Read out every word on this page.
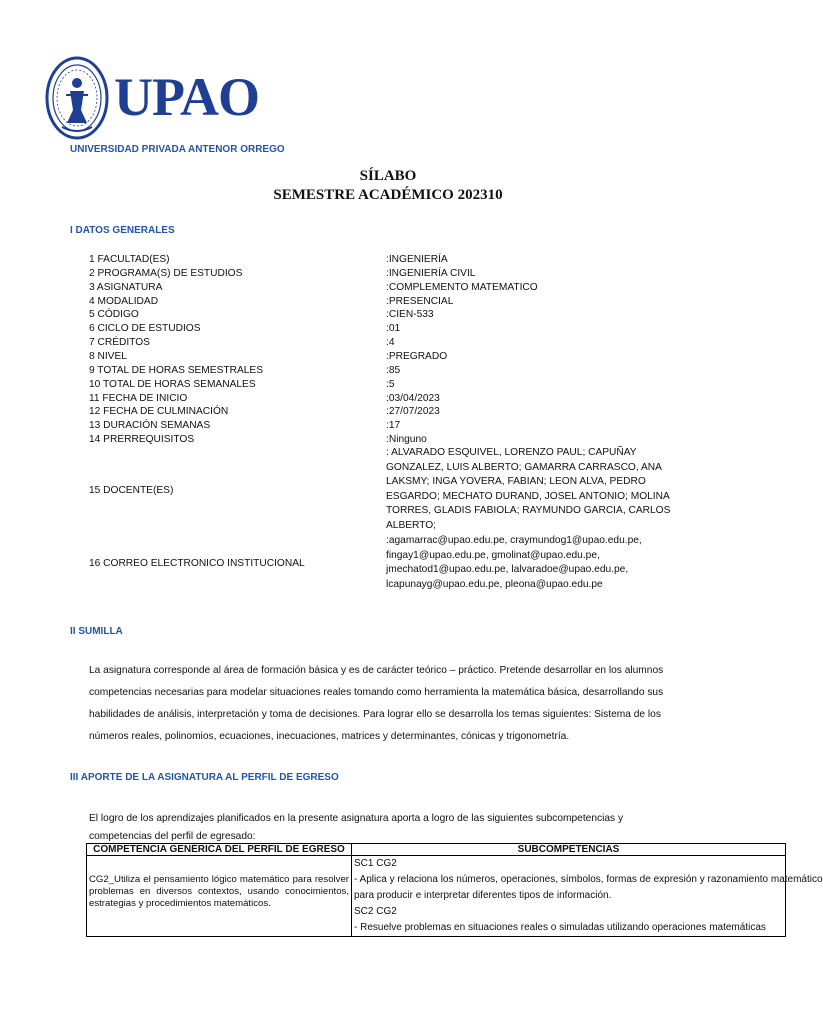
UPAO
UNIVERSIDAD PRIVADA ANTENOR ORREGO
SÍLABO
SEMESTRE ACADÉMICO 202310
I DATOS GENERALES
1 FACULTAD(ES)	:INGENIERÍA
2 PROGRAMA(S) DE ESTUDIOS	:INGENIERÍA CIVIL
3 ASIGNATURA	:COMPLEMENTO MATEMATICO
4 MODALIDAD	:PRESENCIAL
5 CÓDIGO	:CIEN-533
6 CICLO DE ESTUDIOS	:01
7 CRÉDITOS	:4
8 NIVEL	:PREGRADO
9 TOTAL DE HORAS SEMESTRALES	:85
10 TOTAL DE HORAS SEMANALES	:5
11 FECHA DE INICIO	:03/04/2023
12 FECHA DE CULMINACIÓN	:27/07/2023
13 DURACIÓN SEMANAS	:17
14 PRERREQUISITOS	:Ninguno
15 DOCENTE(ES)
: ALVARADO ESQUIVEL, LORENZO PAUL; CAPUÑAY
GONZALEZ, LUIS ALBERTO; GAMARRA CARRASCO, ANA
LAKSMY; INGA YOVERA, FABIAN; LEON ALVA, PEDRO
ESGARDO; MECHATO DURAND, JOSEL ANTONIO; MOLINA
TORRES, GLADIS FABIOLA; RAYMUNDO GARCIA, CARLOS
ALBERTO;
16 CORREO ELECTRONICO INSTITUCIONAL
:agamarrac@upao.edu.pe, craymundog1@upao.edu.pe,
fingay1@upao.edu.pe, gmolinat@upao.edu.pe,
jmechatod1@upao.edu.pe, lalvaradoe@upao.edu.pe,
lcapunayg@upao.edu.pe, pleona@upao.edu.pe
II SUMILLA
La asignatura corresponde al área de formación básica y es de carácter teórico – práctico. Pretende desarrollar en los alumnos
competencias necesarias para modelar situaciones reales tomando como herramienta la matemática básica, desarrollando sus
habilidades de análisis, interpretación y toma de decisiones. Para lograr ello se desarrolla los temas siguientes: Sistema de los
números reales, polinomios, ecuaciones, inecuaciones, matrices y determinantes, cónicas y trigonometría.
III APORTE DE LA ASIGNATURA AL PERFIL DE EGRESO
El logro de los aprendizajes planificados en la presente asignatura aporta a logro de las siguientes subcompetencias y
competencias del perfil de egresado:
COMPETENCIA GENÉRICA DEL PERFIL DE EGRESO	SUBCOMPETENCIAS
CG2_Utiliza el pensamiento lógico matemático para resolver problemas en diversos contextos, usando conocimientos, estrategias y procedimientos matemáticos.	SC1 CG2
- Aplica y relaciona los números, operaciones, símbolos, formas de expresión y razonamiento matemático
para producir e interpretar diferentes tipos de información.
SC2 CG2
- Resuelve problemas en situaciones reales o simuladas utilizando operaciones matemáticas
